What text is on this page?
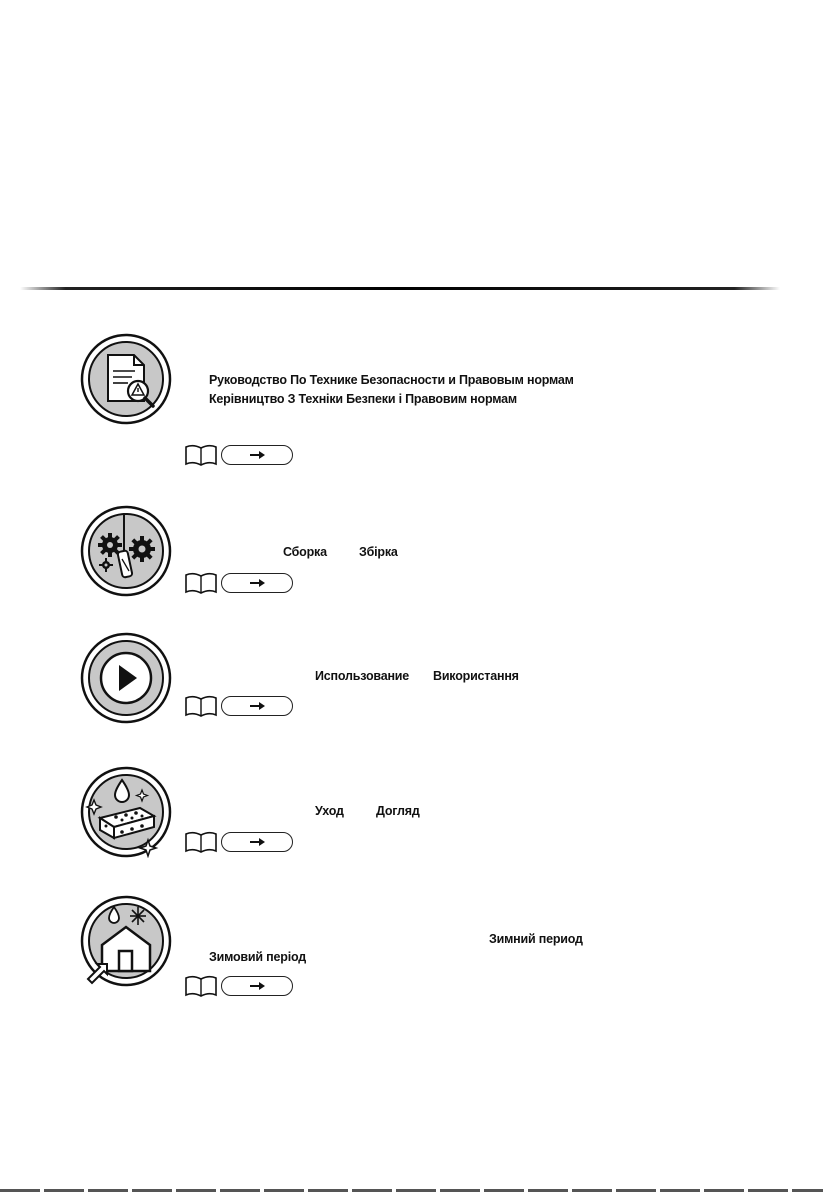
Руководство По Технике Безопасности и Правовым нормам
Керівництво З Техніки Безпеки і Правовим нормам
Сборка	Збірка
Использование Використання
Уход	Догляд
Зимний период
Зимовий період
